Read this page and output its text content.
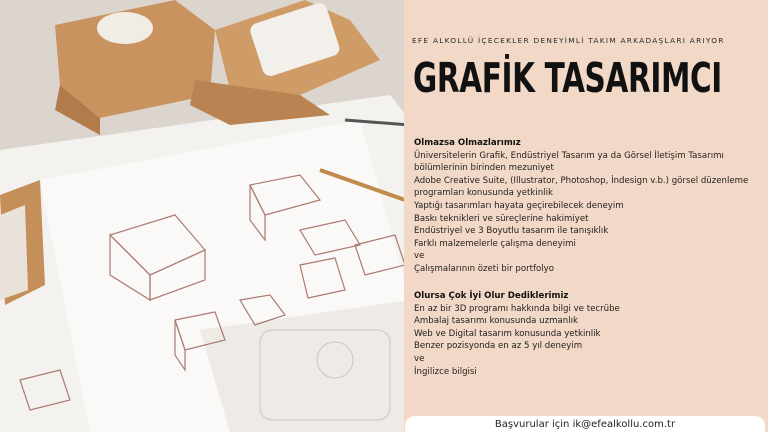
EFE ALKOLLÜ İÇECEKLER DENEYİMLİ TAKIM ARKADAŞLARI ARIYOR
GRAFİK TASARIMCI
Olmazsa Olmazlarımız
Üniversitelerin Grafik, Endüstriyel Tasarım ya da Görsel İletişim Tasarımı bölümlerinin birinden mezuniyet
Adobe Creative Suite, (Illustrator, Photoshop, İndesign v.b.) görsel düzenleme programları konusunda yetkinlik
Yaptığı tasarımları hayata geçirebilecek deneyim
Baskı teknikleri ve süreçlerine hakimiyet
Endüstriyel ve 3 Boyutlu tasarım ile tanışıklık
Farklı malzemelerle çalışma deneyimi
ve
Çalışmalarının özeti bir portfolyo
Olursa Çok İyi Olur Dediklerimiz
En az bir 3D programı hakkında bilgi ve tecrübe
Ambalaj tasarımı konusunda uzmanlık
Web ve Digital tasarım konusunda yetkinlik
Benzer pozisyonda en az 5 yıl deneyim
ve
İngilizce bilgisi
Başvurular için ik@efealkollu.com.tr
